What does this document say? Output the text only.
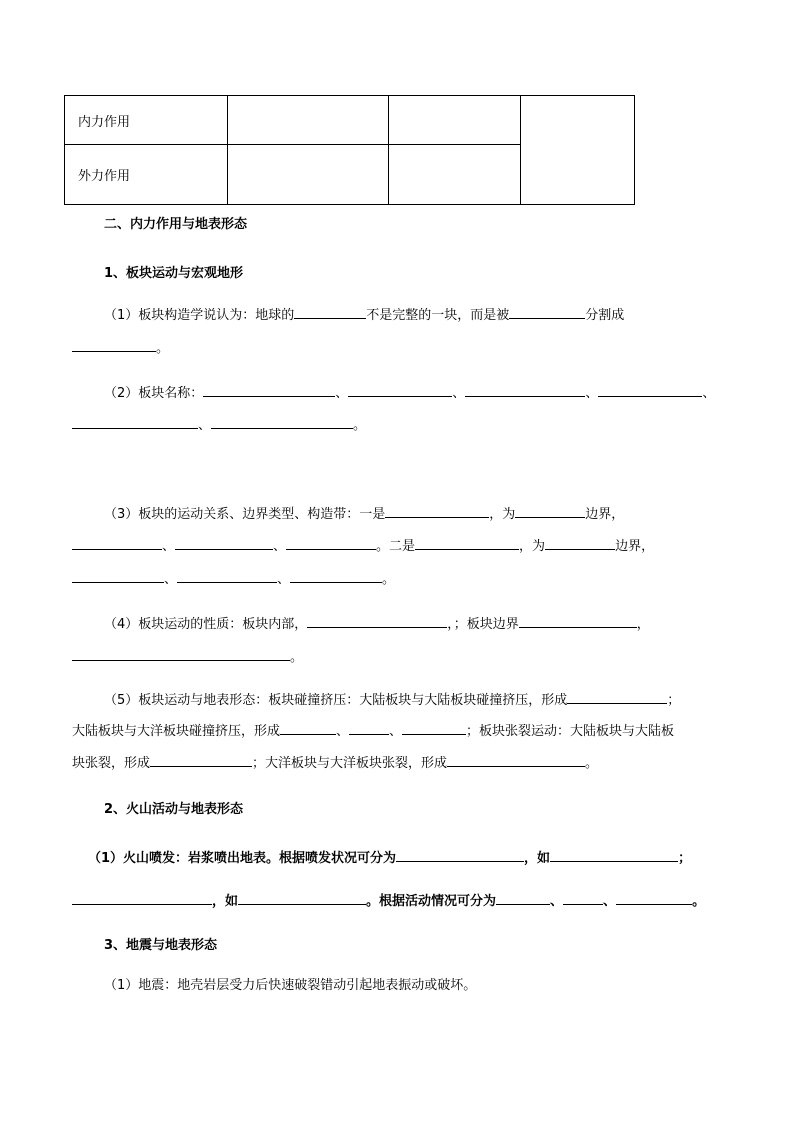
内力作用			
外力作用			
二、内力作用与地表形态
1、板块运动与宏观地形
（1）板块构造学说认为：地球的	不是完整的一块，而是被	分割成
。
（2）板块名称：	、	、	、	、
、	。
（3）板块的运动关系、边界类型、构造带：一是	，为	边界，
、	、	。二是	，为	边界，
、	、	。
（4）板块运动的性质：板块内部，	，；板块边界	，
。
（5）板块运动与地表形态：板块碰撞挤压：大陆板块与大陆板块碰撞挤压，形成	；
大陆板块与大洋板块碰撞挤压，形成	、	、	；板块张裂运动：大陆板块与大陆板
块张裂，形成	；大洋板块与大洋板块张裂，形成	。
2、火山活动与地表形态
（1）火山喷发：岩浆喷出地表。根据喷发状况可分为	，如	；
，如	。根据活动情况可分为	、	、	。
3、地震与地表形态
（1）地震：地壳岩层受力后快速破裂错动引起地表振动或破坏。
